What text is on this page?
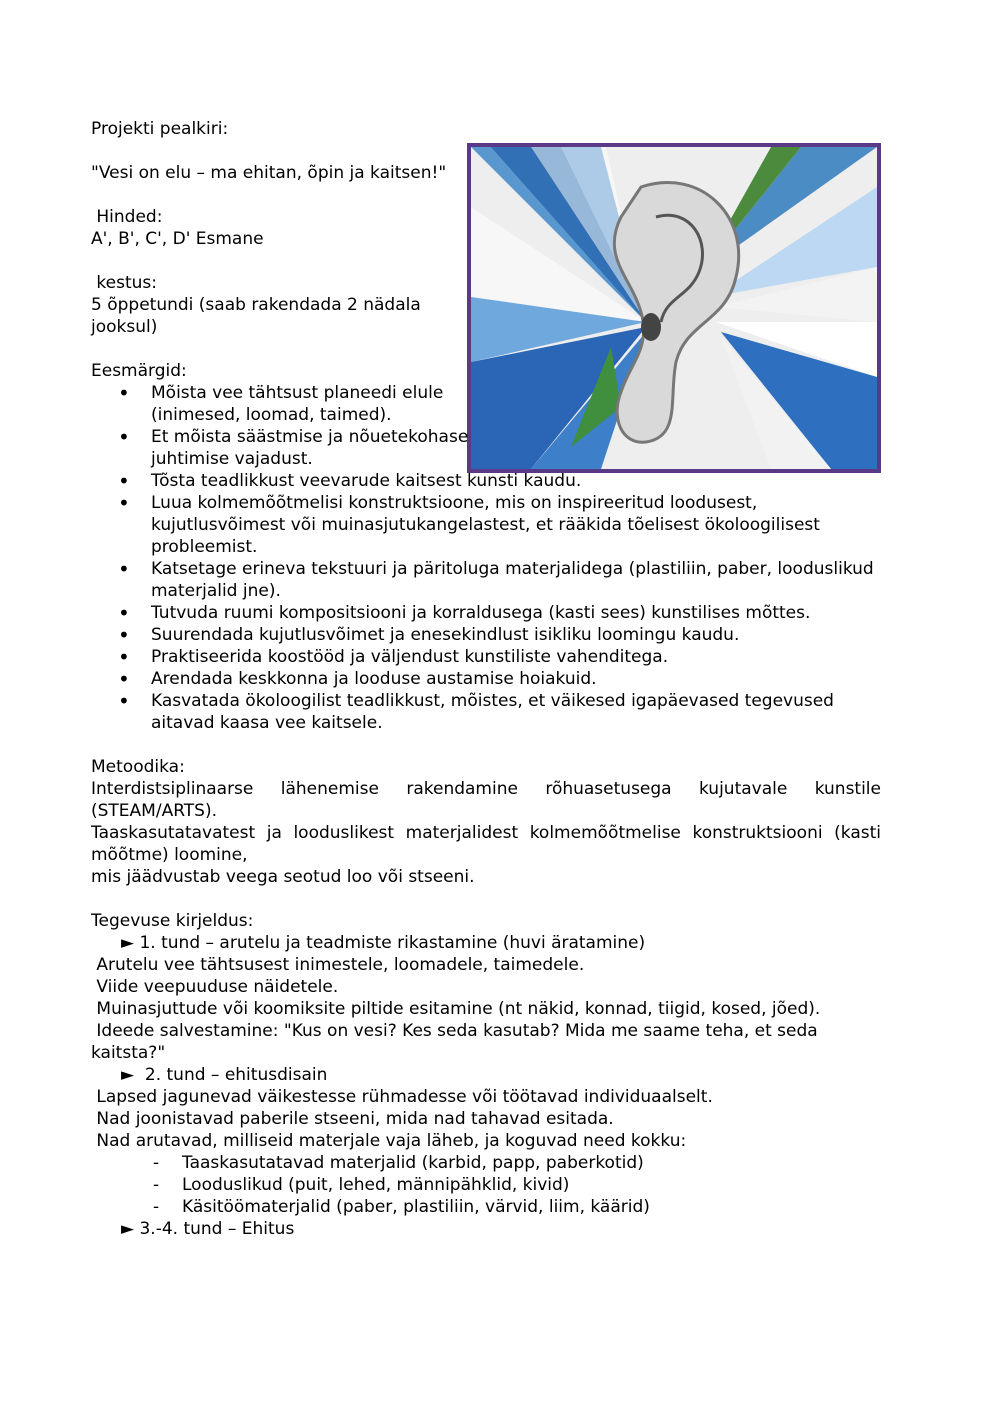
Projekti pealkiri:

"Vesi on elu – ma ehitan, õpin ja kaitsen!"

Hinded:

A', B', C', D' Esmane

kestus:

5 õppetundi (saab rakendada 2 nädala jooksul)

Eesmärgid:

• Mõista vee tähtsust planeedi elule (inimesed, loomad, taimed).
• Et mõista säästmise ja nõuetekohase juhtimise vajadust.
• Tõsta teadlikkust veevarude kaitsest kunsti kaudu.
• Luua kolmemõõtmelisi konstruktsioone, mis on inspireeritud loodusest, kujutlusvõimest või muinasjutukangelastest, et rääkida tõelisest ökoloogilisest probleemist.
• Katsetage erineva tekstuuri ja päritoluga materjalidega (plastiliin, paber, looduslikud materjalid jne).
• Tutvuda ruumi kompositsiooni ja korraldusega (kasti sees) kunstilises mõttes.
• Suurendada kujutlusvõimet ja enesekindlust isikliku loomingu kaudu.
• Praktiseerida koostööd ja väljendust kunstiliste vahenditega.
• Arendada keskkonna ja looduse austamise hoiakuid.
• Kasvatada ökoloogilist teadlikkust, mõistes, et väikesed igapäevased tegevused aitavad kaasa vee kaitsele.

Metoodika:

Interdistsiplinaarse lähenemise rakendamine rõhuasetusega kujutavale kunstile (STEAM/ARTS).

Taaskasutatavatest ja looduslikest materjalidest kolmemõõtmelise konstruktsiooni (kasti mõõtme) loomine,

mis jäädvustab veega seotud loo või stseeni.

Tegevuse kirjeldus:

► 1. tund – arutelu ja teadmiste rikastamine (huvi äratamine)

Arutelu vee tähtsusest inimestele, loomadele, taimedele.

Viide veepuuduse näidetele.

Muinasjuttude või koomiksite piltide esitamine (nt näkid, konnad, tiigid, kosed, jõed).

Ideede salvestamine: "Kus on vesi? Kes seda kasutab? Mida me saame teha, et seda kaitsta?"

►  2. tund – ehitusdisain

Lapsed jagunevad väikestesse rühmadesse või töötavad individuaalselt.

Nad joonistavad paberile stseeni, mida nad tahavad esitada.

Nad arutavad, milliseid materjale vaja läheb, ja koguvad need kokku:

- Taaskasutatavad materjalid (karbid, papp, paberkotid)
- Looduslikud (puit, lehed, männipähklid, kivid)
- Käsitöömaterjalid (paber, plastiliin, värvid, liim, käärid)

► 3.-4. tund – Ehitus
